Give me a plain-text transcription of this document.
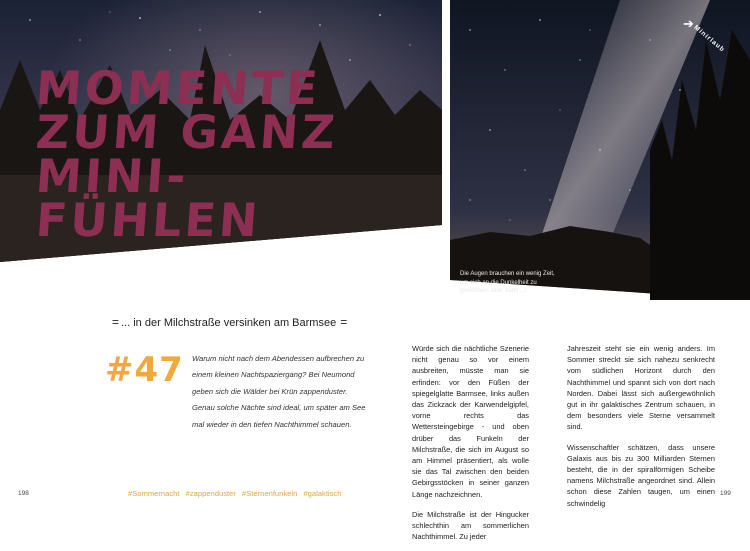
MOMENTE
ZUM GANZ
MINI-
FÜHLEN
= ... in der Milchstraße versinken am Barmsee =
#47 Warum nicht nach dem Abendessen aufbrechen zu einem kleinen Nachtspaziergang? Bei Neumond geben sich die Wälder bei Krün zappenduster. Genau solche Nächte sind ideal, um später am See mal wieder in den tiefen Nachthimmel schauen.

198	#Sommernacht #zappenduster #Sternenfunkeln #galaktisch

Die Augen brauchen ein wenig Zeit, um sich an die Dunkelheit zu gewöhnen. Aber dann ...!

➔
Minirlaub

Würde sich die nächtliche Szenerie nicht genau so vor einem ausbreiten, müsste man sie erfinden: vor den Füßen der spiegelglatte Barmsee, links außen das Zickzack der Karwendelgipfel, vorne rechts das Wettersteingebirge - und oben drüber das Funkeln der Milchstraße, die sich im August so am Himmel präsentiert, als wolle sie das Tal zwischen den beiden Gebirgsstöcken in seiner ganzen Länge nachzeichnen.

Die Milchstraße ist der Hingucker schlechthin am sommerlichen Nachthimmel. Zu jeder

Jahreszeit steht sie ein wenig anders. Im Sommer streckt sie sich nahezu senkrecht vom südlichen Horizont durch den Nachthimmel und spannt sich von dort nach Norden. Dabei lässt sich außergewöhnlich gut in ihr galaktisches Zentrum schauen, in dem besonders viele Sterne versammelt sind.

Wissenschaftler schätzen, dass unsere Galaxis aus bis zu 300 Milliarden Sternen besteht, die in der spiralförmigen Scheibe namens Milchstraße angeordnet sind. Allein schon diese Zahlen taugen, um einen schwindelig

199
